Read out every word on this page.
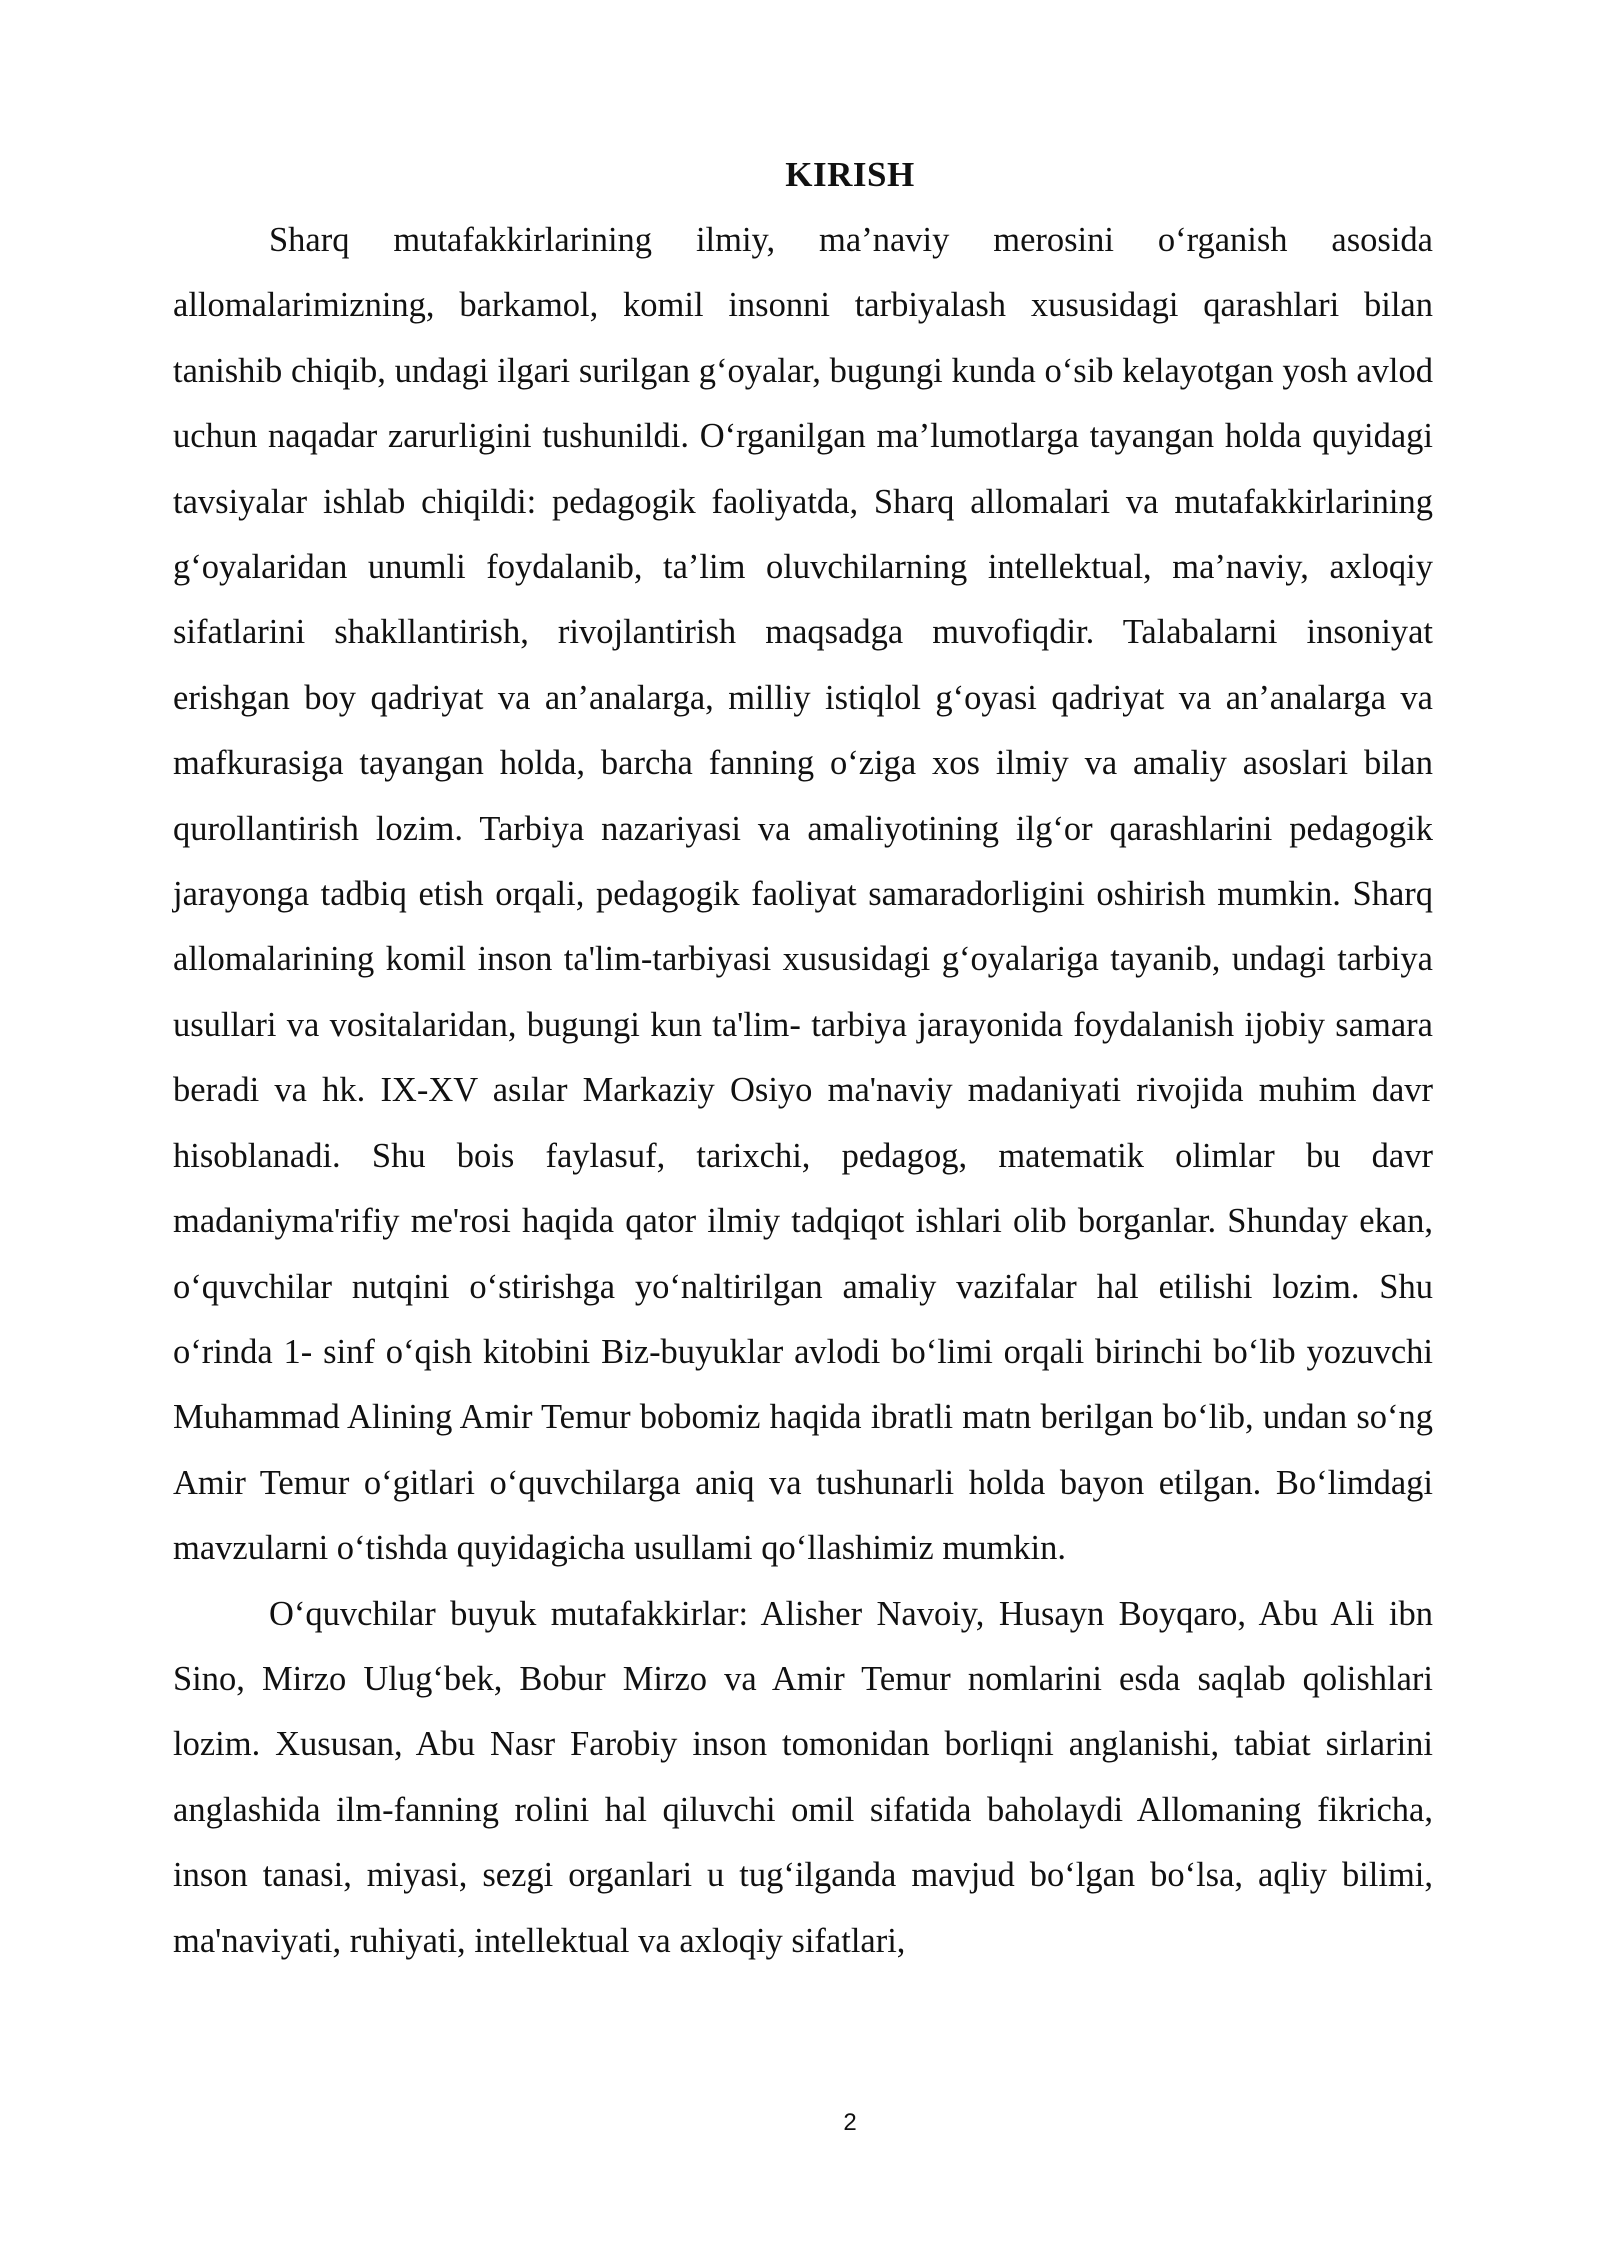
KIRISH

Sharq mutafakkirlarining ilmiy, ma’naviy merosini o‘rganish asosida allomalarimizning, barkamol, komil insonni tarbiyalash xususidagi qarashlari bilan tanishib chiqib, undagi ilgari surilgan g‘oyalar, bugungi kunda o‘sib kelayotgan yosh avlod uchun naqadar zarurligini tushunildi. O‘rganilgan ma’lumotlarga tayangan holda quyidagi tavsiyalar ishlab chiqildi: pedagogik faoliyatda, Sharq allomalari va mutafakkirlarining g‘oyalaridan unumli foydalanib, ta’lim oluvchilarning intellektual, ma’naviy, axloqiy sifatlarini shakllantirish, rivojlantirish maqsadga muvofiqdir. Talabalarni insoniyat erishgan boy qadriyat va an’analarga, milliy istiqlol g‘oyasi qadriyat va an’analarga va mafkurasiga tayangan holda, barcha fanning o‘ziga xos ilmiy va amaliy asoslari bilan qurollantirish lozim. Tarbiya nazariyasi va amaliyotining ilg‘or qarashlarini pedagogik jarayonga tadbiq etish orqali, pedagogik faoliyat samaradorligini oshirish mumkin. Sharq allomalarining komil inson ta'lim-tarbiyasi xususidagi g‘oyalariga tayanib, undagi tarbiya usullari va vositalaridan, bugungi kun ta'lim- tarbiya jarayonida foydalanish ijobiy samara beradi va hk. IX-XV asılar Markaziy Osiyo ma'naviy madaniyati rivojida muhim davr hisoblanadi. Shu bois faylasuf, tarixchi, pedagog, matematik olimlar bu davr madaniyma'rifiy me'rosi haqida qator ilmiy tadqiqot ishlari olib borganlar. Shunday ekan, o‘quvchilar nutqini o‘stirishga yo‘naltirilgan amaliy vazifalar hal etilishi lozim. Shu o‘rinda 1- sinf o‘qish kitobini Biz-buyuklar avlodi bo‘limi orqali birinchi bo‘lib yozuvchi Muhammad Alining Amir Temur bobomiz haqida ibratli matn berilgan bo‘lib, undan so‘ng Amir Temur o‘gitlari o‘quvchilarga aniq va tushunarli holda bayon etilgan. Bo‘limdagi mavzularni o‘tishda quyidagicha usullami qo‘llashimiz mumkin.

O‘quvchilar buyuk mutafakkirlar: Alisher Navoiy, Husayn Boyqaro, Abu Ali ibn Sino, Mirzo Ulug‘bek, Bobur Mirzo va Amir Temur nomlarini esda saqlab qolishlari lozim. Xususan, Abu Nasr Farobiy inson tomonidan borliqni anglanishi, tabiat sirlarini anglashida ilm-fanning rolini hal qiluvchi omil sifatida baholaydi Allomaning fikricha, inson tanasi, miyasi, sezgi organlari u tug‘ilganda mavjud bo‘lgan bo‘lsa, aqliy bilimi, ma'naviyati, ruhiyati, intellektual va axloqiy sifatlari,

2
